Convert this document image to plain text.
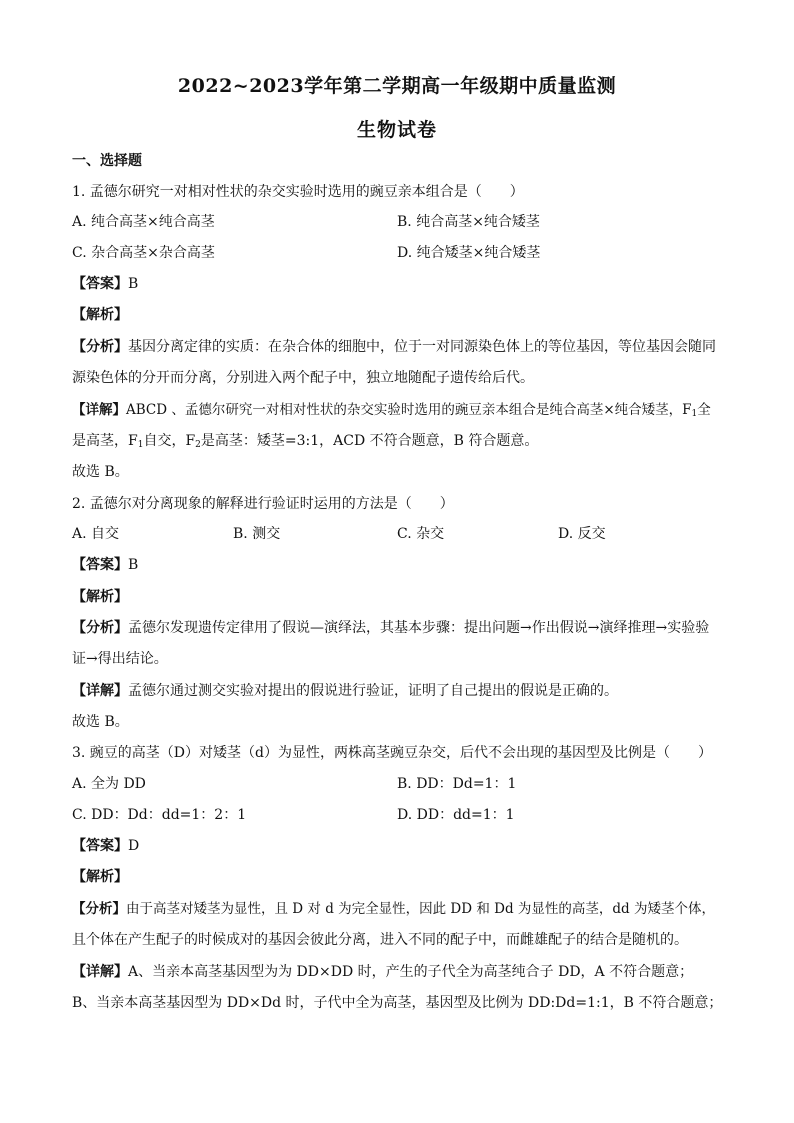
2022~2023学年第二学期高一年级期中质量监测
生物试卷
一、选择题
1. 孟德尔研究一对相对性状的杂交实验时选用的豌豆亲本组合是（　　）
A. 纯合高茎×纯合高茎	B. 纯合高茎×纯合矮茎
C. 杂合高茎×杂合高茎	D. 纯合矮茎×纯合矮茎
【答案】B
【解析】
【分析】基因分离定律的实质：在杂合体的细胞中，位于一对同源染色体上的等位基因，等位基因会随同
源染色体的分开而分离，分别进入两个配子中，独立地随配子遗传给后代。
【详解】ABCD 、孟德尔研究一对相对性状的杂交实验时选用的豌豆亲本组合是纯合高茎×纯合矮茎，$F_1$全
是高茎，$F_1$自交，$F_2$是高茎：矮茎=3:1，ACD 不符合题意，B 符合题意。
故选 B。
2. 孟德尔对分离现象的解释进行验证时运用的方法是（　　）
A. 自交	B. 测交	C. 杂交	D. 反交
【答案】B
【解析】
【分析】孟德尔发现遗传定律用了假说—演绎法，其基本步骤：提出问题→作出假说→演绎推理→实验验
证→得出结论。
【详解】孟德尔通过测交实验对提出的假说进行验证，证明了自己提出的假说是正确的。
故选 B。
3. 豌豆的高茎（D）对矮茎（d）为显性，两株高茎豌豆杂交，后代不会出现的基因型及比例是（　　）
A. 全为 DD	B. DD：Dd=1：1
C. DD：Dd：dd=1：2：1	D. DD：dd=1：1
【答案】D
【解析】
【分析】由于高茎对矮茎为显性，且 D 对 d 为完全显性，因此 DD 和 Dd 为显性的高茎，dd 为矮茎个体，
且个体在产生配子的时候成对的基因会彼此分离，进入不同的配子中，而雌雄配子的结合是随机的。
【详解】A、当亲本高茎基因型为为 DD×DD 时，产生的子代全为高茎纯合子 DD，A 不符合题意；
B、当亲本高茎基因型为 DD×Dd 时，子代中全为高茎，基因型及比例为 DD:Dd=1:1，B 不符合题意；
